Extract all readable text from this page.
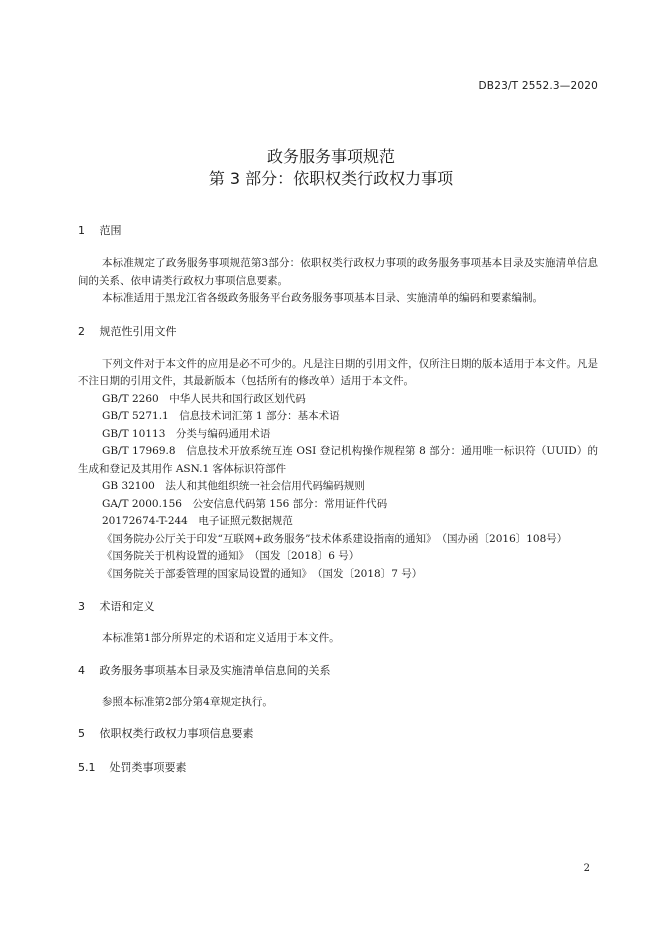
DB23/T 2552.3—2020
政务服务事项规范
第 3 部分：依职权类行政权力事项
1 范围
本标准规定了政务服务事项规范第3部分：依职权类行政权力事项的政务服务事项基本目录及实施清单信息间的关系、依申请类行政权力事项信息要素。
本标准适用于黑龙江省各级政务服务平台政务服务事项基本目录、实施清单的编码和要素编制。
2 规范性引用文件
下列文件对于本文件的应用是必不可少的。凡是注日期的引用文件，仅所注日期的版本适用于本文件。凡是不注日期的引用文件，其最新版本（包括所有的修改单）适用于本文件。
GB/T 2260　中华人民共和国行政区划代码
GB/T 5271.1　信息技术词汇第 1 部分：基本术语
GB/T 10113　分类与编码通用术语
GB/T 17969.8　信息技术开放系统互连 OSI 登记机构操作规程第 8 部分：通用唯一标识符（UUID）的生成和登记及其用作 ASN.1 客体标识符部件
GB 32100　法人和其他组织统一社会信用代码编码规则
GA/T 2000.156　公安信息代码第 156 部分：常用证件代码
20172674-T-244　电子证照元数据规范
《国务院办公厅关于印发“互联网+政务服务”技术体系建设指南的通知》　（国办函〔2016〕108号）
《国务院关于机构设置的通知》　（国发〔2018〕6 号）
《国务院关于部委管理的国家局设置的通知》　（国发〔2018〕7 号）
3 术语和定义
本标准第1部分所界定的术语和定义适用于本文件。
4 政务服务事项基本目录及实施清单信息间的关系
参照本标准第2部分第4章规定执行。
5 依职权类行政权力事项信息要素
5.1 处罚类事项要素
2
